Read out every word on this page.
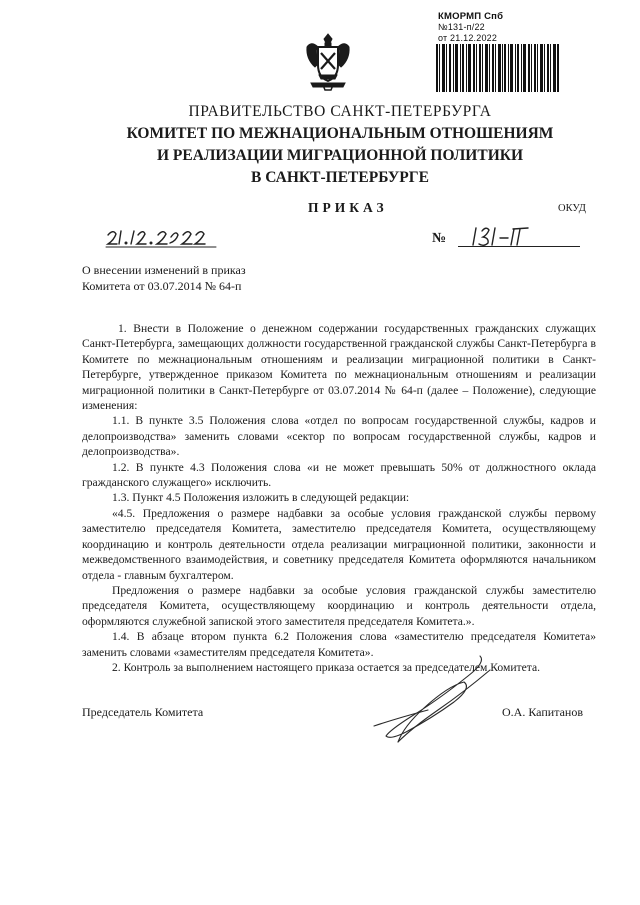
КМОРМП Спб
№131-п/22
от 21.12.2022
ПРАВИТЕЛЬСТВО САНКТ-ПЕТЕРБУРГА
КОМИТЕТ ПО МЕЖНАЦИОНАЛЬНЫМ ОТНОШЕНИЯМ
И РЕАЛИЗАЦИИ МИГРАЦИОННОЙ ПОЛИТИКИ
В САНКТ-ПЕТЕРБУРГЕ
ПРИКАЗ	ОКУД
№
О внесении изменений в приказ
Комитета от 03.07.2014 № 64-п

1. Внести в Положение о денежном содержании государственных гражданских служащих Санкт-Петербурга, замещающих должности государственной гражданской службы Санкт-Петербурга в Комитете по межнациональным отношениям и реализации миграционной политики в Санкт-Петербурге, утвержденное приказом Комитета по межнациональным отношениям и реализации миграционной политики в Санкт-Петербурге от 03.07.2014 № 64-п (далее – Положение), следующие изменения:

1.1. В пункте 3.5 Положения слова «отдел по вопросам государственной службы, кадров и делопроизводства» заменить словами «сектор по вопросам государственной службы, кадров и делопроизводства».

1.2. В пункте 4.3 Положения слова «и не может превышать 50% от должностного оклада гражданского служащего» исключить.

1.3. Пункт 4.5 Положения изложить в следующей редакции:

«4.5. Предложения о размере надбавки за особые условия гражданской службы первому заместителю председателя Комитета, заместителю председателя Комитета, осуществляющему координацию и контроль деятельности отдела реализации миграционной политики, законности и межведомственного взаимодействия, и советнику председателя Комитета оформляются начальником отдела - главным бухгалтером.

Предложения о размере надбавки за особые условия гражданской службы заместителю председателя Комитета, осуществляющему координацию и контроль деятельности отдела, оформляются служебной запиской этого заместителя председателя Комитета.».

1.4. В абзаце втором пункта 6.2 Положения слова «заместителю председателя Комитета» заменить словами «заместителям председателя Комитета».

2. Контроль за выполнением настоящего приказа остается за председателем Комитета.

Председатель Комитета	О.А. Капитанов
